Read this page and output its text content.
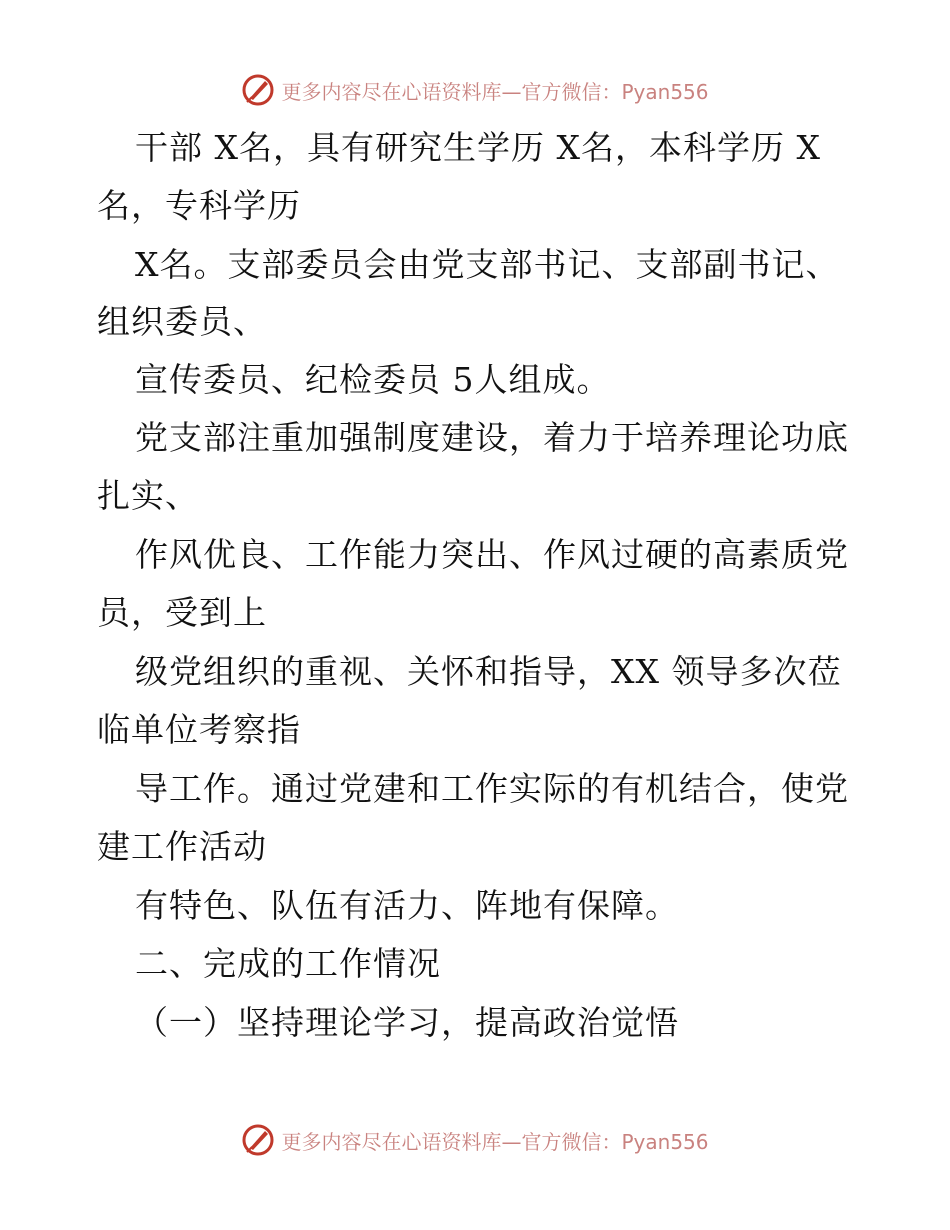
更多内容尽在心语资料库—官方微信：Pyan556
干部 X名，具有研究生学历 X名，本科学历 X
名，专科学历
X名。支部委员会由党支部书记、支部副书记、
组织委员、
宣传委员、纪检委员 5人组成。
党支部注重加强制度建设，着力于培养理论功底
扎实、
作风优良、工作能力突出、作风过硬的高素质党
员，受到上
级党组织的重视、关怀和指导，XX 领导多次莅
临单位考察指
导工作。通过党建和工作实际的有机结合，使党
建工作活动
有特色、队伍有活力、阵地有保障。
二、完成的工作情况
（一）坚持理论学习，提高政治觉悟
更多内容尽在心语资料库—官方微信：Pyan556
